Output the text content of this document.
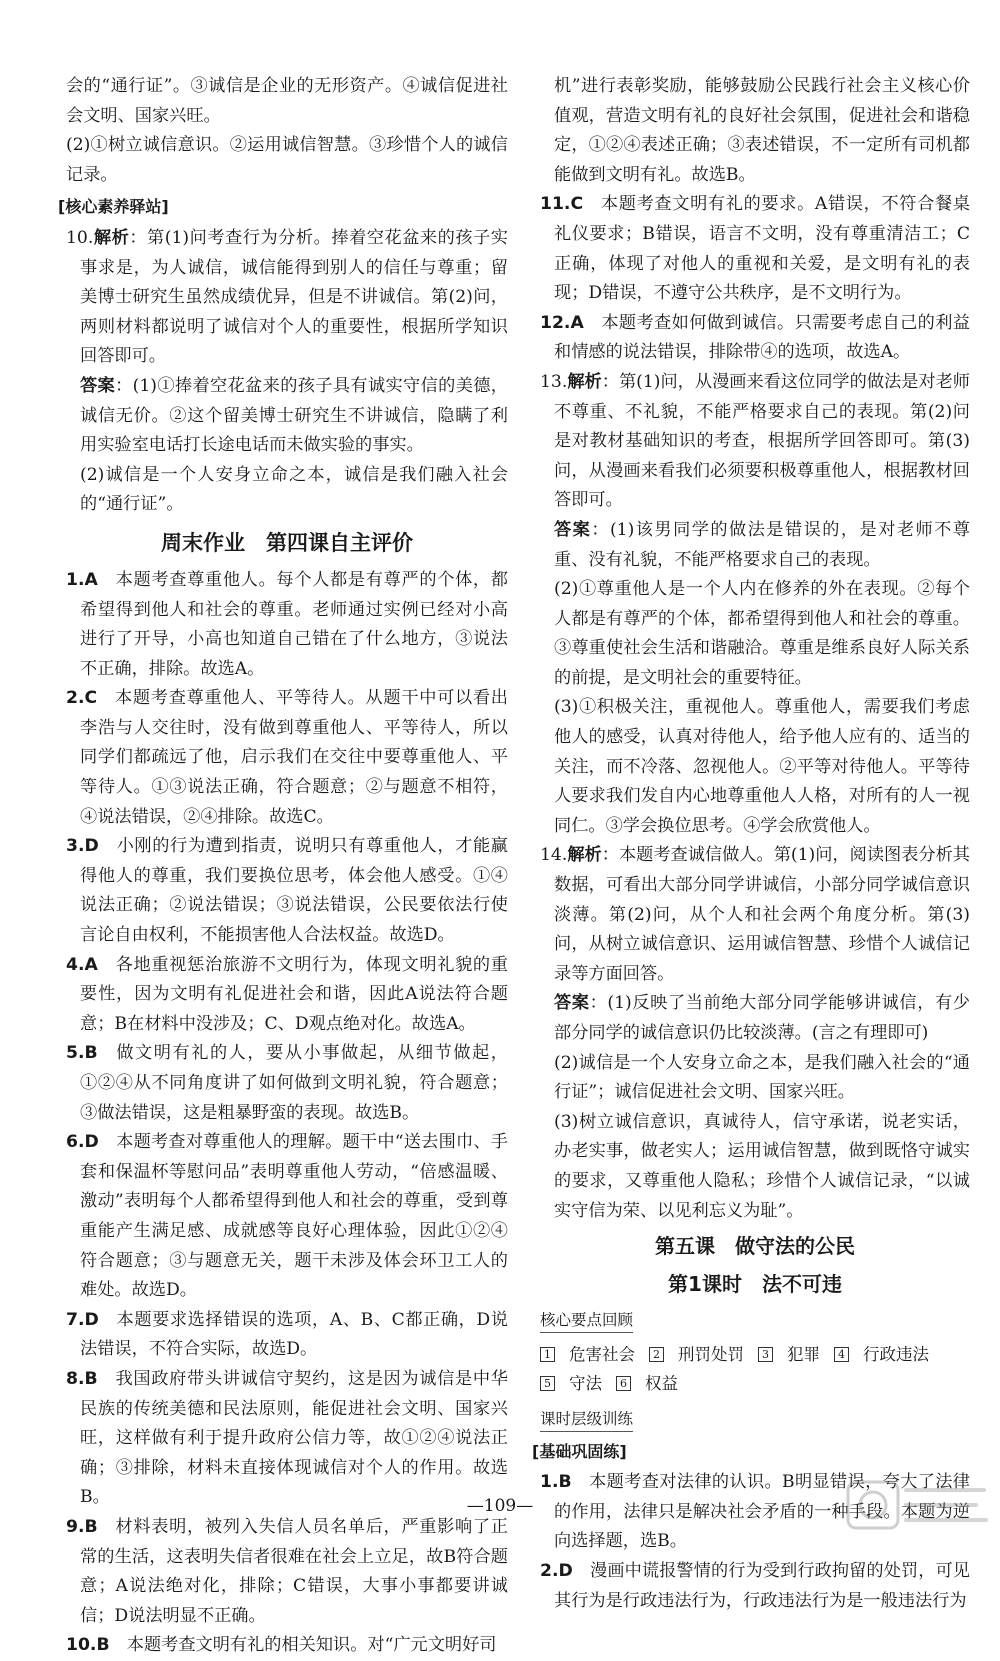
会的“通行证”。③诚信是企业的无形资产。④诚信促进社会文明、国家兴旺。

(2)①树立诚信意识。②运用诚信智慧。③珍惜个人的诚信记录。

[核心素养驿站]

10.解析：第(1)问考查行为分析。捧着空花盆来的孩子实事求是，为人诚信，诚信能得到别人的信任与尊重；留美博士研究生虽然成绩优异，但是不讲诚信。第(2)问，两则材料都说明了诚信对个人的重要性，根据所学知识回答即可。

答案：(1)①捧着空花盆来的孩子具有诚实守信的美德，诚信无价。②这个留美博士研究生不讲诚信，隐瞒了利用实验室电话打长途电话而未做实验的事实。

(2)诚信是一个人安身立命之本，诚信是我们融入社会的“通行证”。

周末作业　第四课自主评价

1.A  本题考查尊重他人。每个人都是有尊严的个体，都希望得到他人和社会的尊重。老师通过实例已经对小高进行了开导，小高也知道自己错在了什么地方，③说法不正确，排除。故选A。

2.C  本题考查尊重他人、平等待人。从题干中可以看出李浩与人交往时，没有做到尊重他人、平等待人，所以同学们都疏远了他，启示我们在交往中要尊重他人、平等待人。①③说法正确，符合题意；②与题意不相符，④说法错误，②④排除。故选C。

3.D  小刚的行为遭到指责，说明只有尊重他人，才能赢得他人的尊重，我们要换位思考，体会他人感受。①④说法正确；②说法错误；③说法错误，公民要依法行使言论自由权利，不能损害他人合法权益。故选D。

4.A  各地重视惩治旅游不文明行为，体现文明礼貌的重要性，因为文明有礼促进社会和谐，因此A说法符合题意；B在材料中没涉及；C、D观点绝对化。故选A。

5.B  做文明有礼的人，要从小事做起，从细节做起，①②④从不同角度讲了如何做到文明礼貌，符合题意；③做法错误，这是粗暴野蛮的表现。故选B。

6.D  本题考查对尊重他人的理解。题干中“送去围巾、手套和保温杯等慰问品”表明尊重他人劳动，“倍感温暖、激动”表明每个人都希望得到他人和社会的尊重，受到尊重能产生满足感、成就感等良好心理体验，因此①②④符合题意；③与题意无关，题干未涉及体会环卫工人的难处。故选D。

7.D  本题要求选择错误的选项，A、B、C都正确，D说法错误，不符合实际，故选D。

8.B  我国政府带头讲诚信守契约，这是因为诚信是中华民族的传统美德和民法原则，能促进社会文明、国家兴旺，这样做有利于提升政府公信力等，故①②④说法正确；③排除，材料未直接体现诚信对个人的作用。故选B。

9.B  材料表明，被列入失信人员名单后，严重影响了正常的生活，这表明失信者很难在社会上立足，故B符合题意；A说法绝对化，排除；C错误，大事小事都要讲诚信；D说法明显不正确。

10.B  本题考查文明有礼的相关知识。对“广元文明好司

机”进行表彰奖励，能够鼓励公民践行社会主义核心价值观，营造文明有礼的良好社会氛围，促进社会和谐稳定，①②④表述正确；③表述错误，不一定所有司机都能做到文明有礼。故选B。

11.C  本题考查文明有礼的要求。A错误，不符合餐桌礼仪要求；B错误，语言不文明，没有尊重清洁工；C正确，体现了对他人的重视和关爱，是文明有礼的表现；D错误，不遵守公共秩序，是不文明行为。

12.A  本题考查如何做到诚信。只需要考虑自己的利益和情感的说法错误，排除带④的选项，故选A。

13.解析：第(1)问，从漫画来看这位同学的做法是对老师不尊重、不礼貌，不能严格要求自己的表现。第(2)问是对教材基础知识的考查，根据所学回答即可。第(3)问，从漫画来看我们必须要积极尊重他人，根据教材回答即可。

答案：(1)该男同学的做法是错误的，是对老师不尊重、没有礼貌，不能严格要求自己的表现。

(2)①尊重他人是一个人内在修养的外在表现。②每个人都是有尊严的个体，都希望得到他人和社会的尊重。③尊重使社会生活和谐融洽。尊重是维系良好人际关系的前提，是文明社会的重要特征。

(3)①积极关注，重视他人。尊重他人，需要我们考虑他人的感受，认真对待他人，给予他人应有的、适当的关注，而不冷落、忽视他人。②平等对待他人。平等待人要求我们发自内心地尊重他人人格，对所有的人一视同仁。③学会换位思考。④学会欣赏他人。

14.解析：本题考查诚信做人。第(1)问，阅读图表分析其数据，可看出大部分同学讲诚信，小部分同学诚信意识淡薄。第(2)问，从个人和社会两个角度分析。第(3)问，从树立诚信意识、运用诚信智慧、珍惜个人诚信记录等方面回答。

答案：(1)反映了当前绝大部分同学能够讲诚信，有少部分同学的诚信意识仍比较淡薄。(言之有理即可)

(2)诚信是一个人安身立命之本，是我们融入社会的“通行证”；诚信促进社会文明、国家兴旺。

(3)树立诚信意识，真诚待人，信守承诺，说老实话，办老实事，做老实人；运用诚信智慧，做到既恪守诚实的要求，又尊重他人隐私；珍惜个人诚信记录，“以诚实守信为荣、以见利忘义为耻”。

第五课　做守法的公民
第1课时　法不可违
核心要点回顾
1 危害社会 2 刑罚处罚 3 犯罪 4 行政违法5 守法 6 权益
课时层级训练

[基础巩固练]

1.B  本题考查对法律的认识。B明显错误，夸大了法律的作用，法律只是解决社会矛盾的一种手段。本题为逆向选择题，选B。

2.D  漫画中谎报警情的行为受到行政拘留的处罚，可见其行为是行政违法行为，行政违法行为是一般违法行为

—109—
